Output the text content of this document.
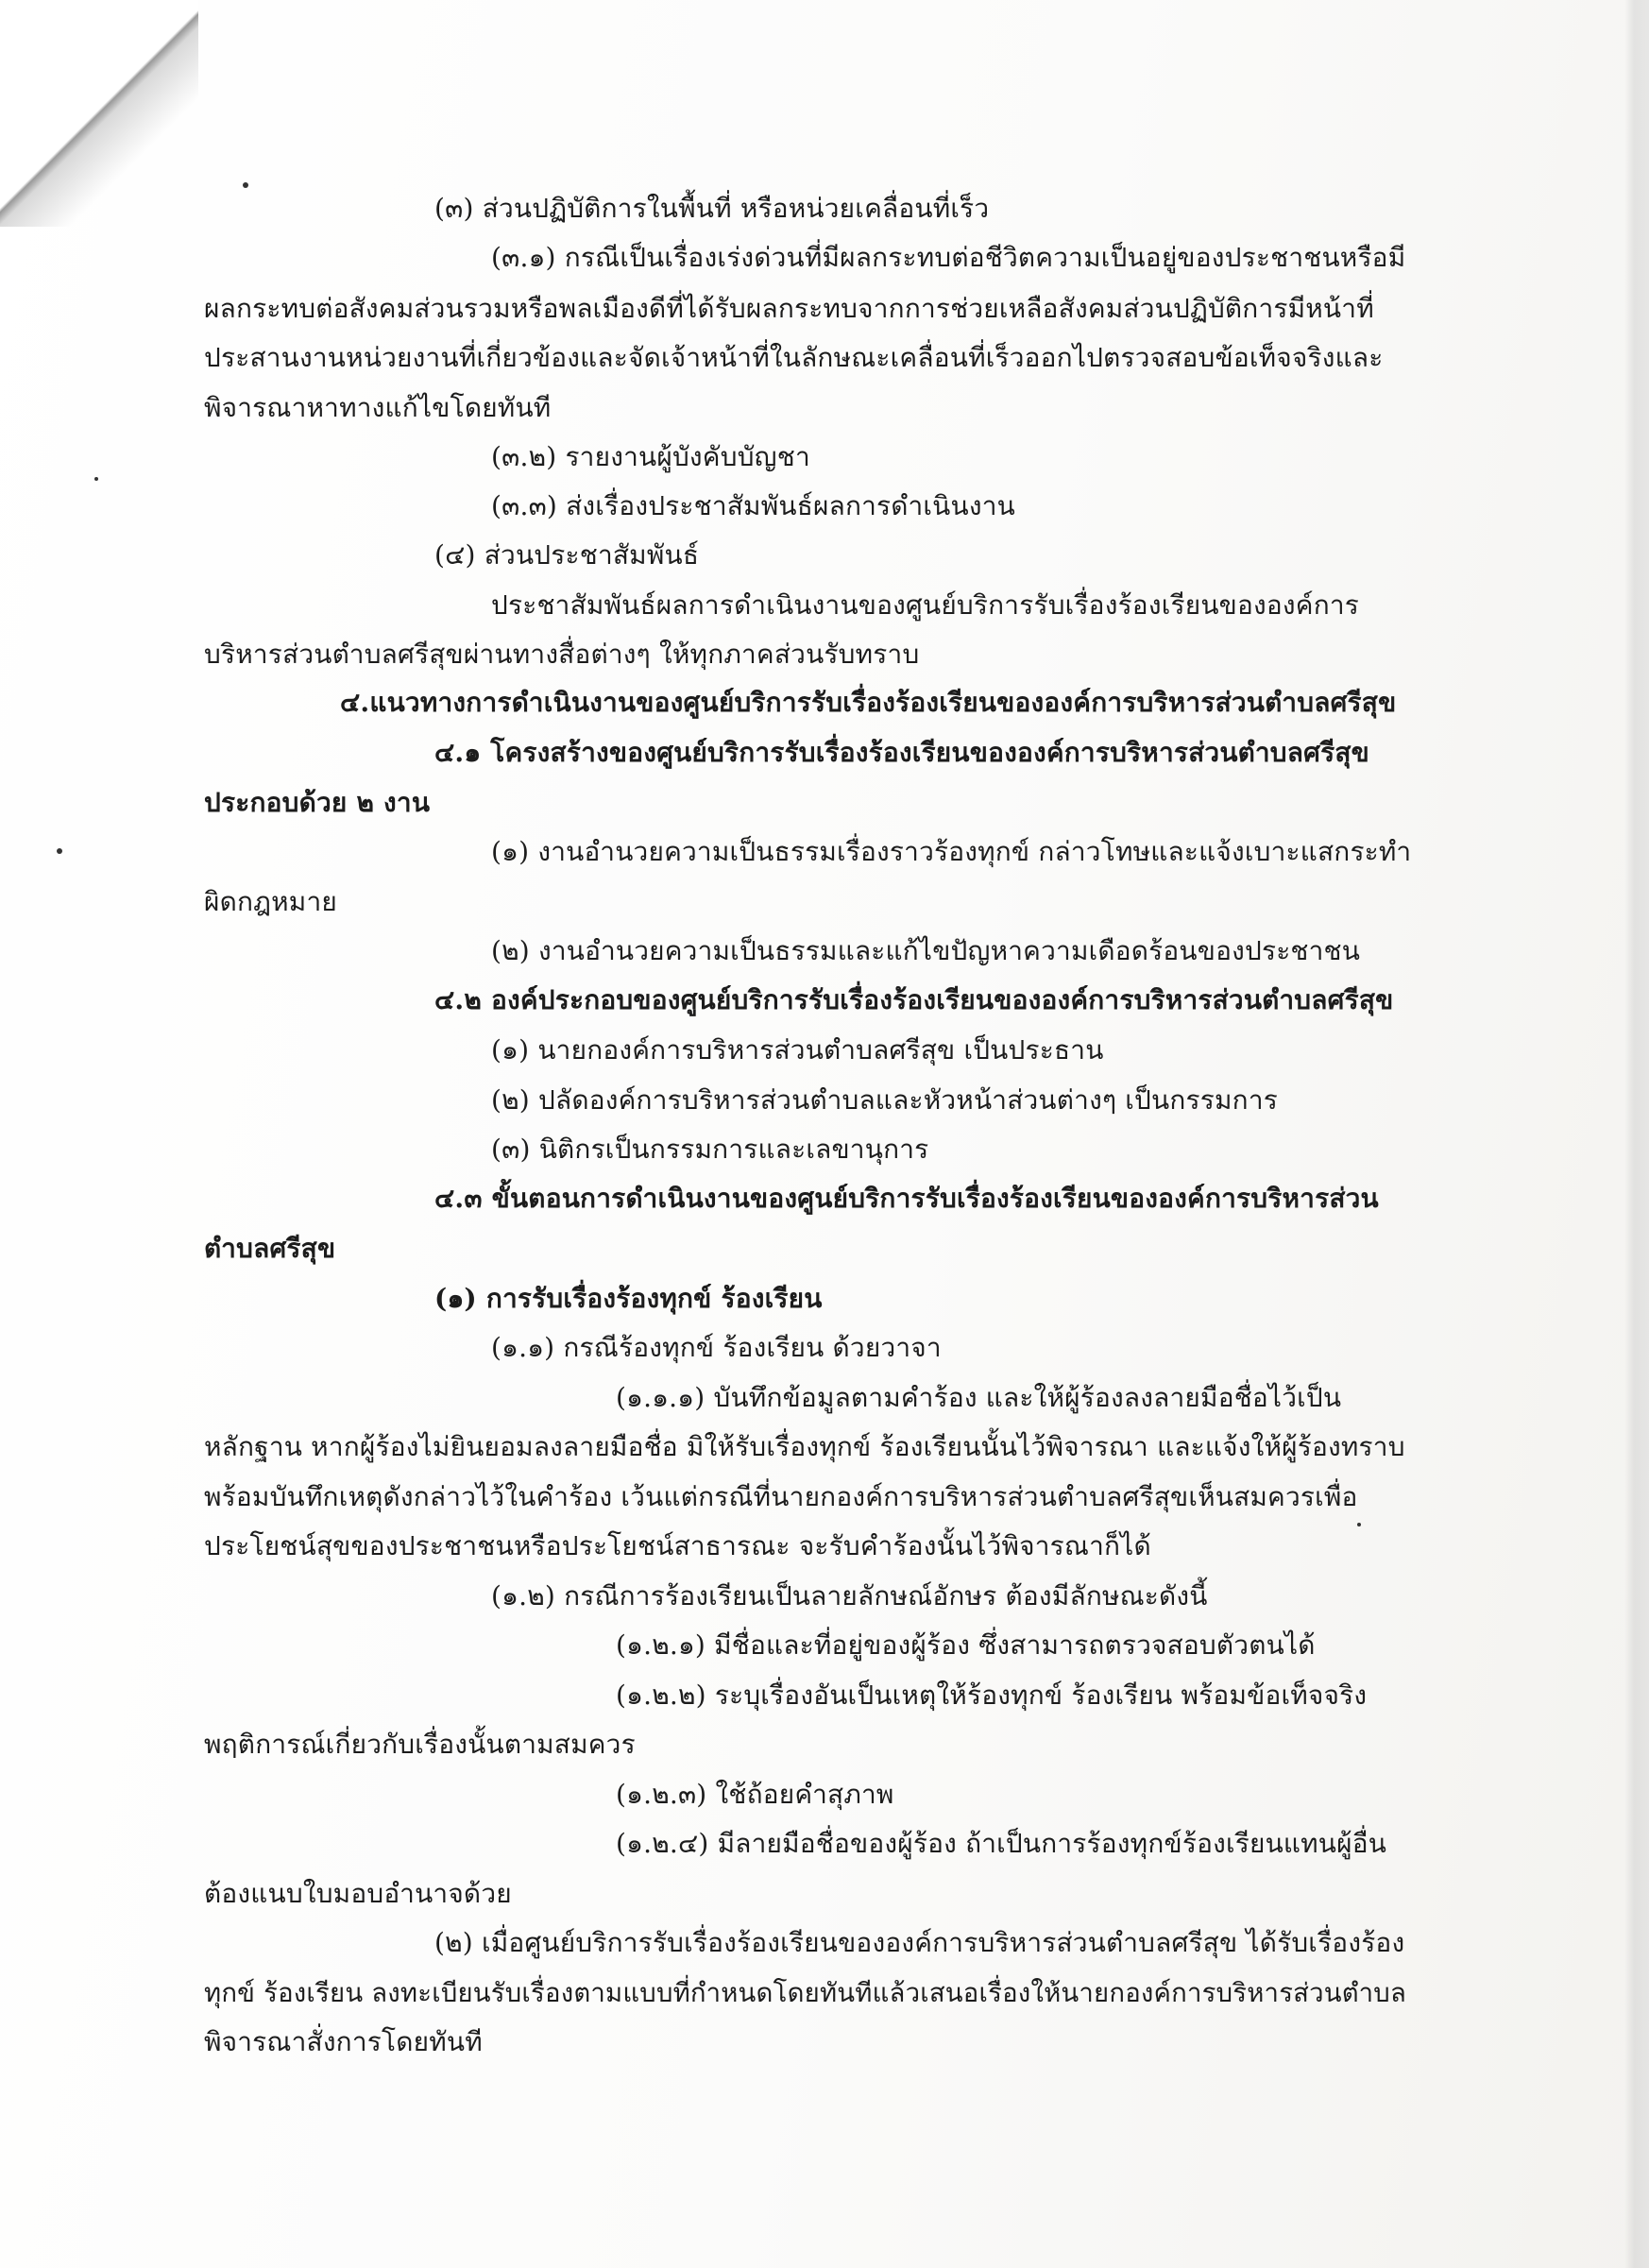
(๓) ส่วนปฏิบัติการในพื้นที่ หรือหน่วยเคลื่อนที่เร็ว
(๓.๑) กรณีเป็นเรื่องเร่งด่วนที่มีผลกระทบต่อชีวิตความเป็นอยู่ของประชาชนหรือมี
ผลกระทบต่อสังคมส่วนรวมหรือพลเมืองดีที่ได้รับผลกระทบจากการช่วยเหลือสังคมส่วนปฏิบัติการมีหน้าที่
ประสานงานหน่วยงานที่เกี่ยวข้องและจัดเจ้าหน้าที่ในลักษณะเคลื่อนที่เร็วออกไปตรวจสอบข้อเท็จจริงและ
พิจารณาหาทางแก้ไขโดยทันที
(๓.๒) รายงานผู้บังคับบัญชา
(๓.๓) ส่งเรื่องประชาสัมพันธ์ผลการดำเนินงาน
(๔) ส่วนประชาสัมพันธ์
ประชาสัมพันธ์ผลการดำเนินงานของศูนย์บริการรับเรื่องร้องเรียนขององค์การ
บริหารส่วนตำบลศรีสุขผ่านทางสื่อต่างๆ ให้ทุกภาคส่วนรับทราบ
๔.แนวทางการดำเนินงานของศูนย์บริการรับเรื่องร้องเรียนขององค์การบริหารส่วนตำบลศรีสุข
๔.๑ โครงสร้างของศูนย์บริการรับเรื่องร้องเรียนขององค์การบริหารส่วนตำบลศรีสุข
ประกอบด้วย ๒ งาน
(๑) งานอำนวยความเป็นธรรมเรื่องราวร้องทุกข์ กล่าวโทษและแจ้งเบาะแสกระทำ
ผิดกฎหมาย
(๒) งานอำนวยความเป็นธรรมและแก้ไขปัญหาความเดือดร้อนของประชาชน
๔.๒ องค์ประกอบของศูนย์บริการรับเรื่องร้องเรียนขององค์การบริหารส่วนตำบลศรีสุข
(๑) นายกองค์การบริหารส่วนตำบลศรีสุข เป็นประธาน
(๒) ปลัดองค์การบริหารส่วนตำบลและหัวหน้าส่วนต่างๆ เป็นกรรมการ
(๓) นิติกรเป็นกรรมการและเลขานุการ
๔.๓ ขั้นตอนการดำเนินงานของศูนย์บริการรับเรื่องร้องเรียนขององค์การบริหารส่วน
ตำบลศรีสุข
(๑) การรับเรื่องร้องทุกข์ ร้องเรียน
(๑.๑) กรณีร้องทุกข์ ร้องเรียน ด้วยวาจา
(๑.๑.๑) บันทึกข้อมูลตามคำร้อง และให้ผู้ร้องลงลายมือชื่อไว้เป็น
หลักฐาน หากผู้ร้องไม่ยินยอมลงลายมือชื่อ มิให้รับเรื่องทุกข์ ร้องเรียนนั้นไว้พิจารณา และแจ้งให้ผู้ร้องทราบ
พร้อมบันทึกเหตุดังกล่าวไว้ในคำร้อง เว้นแต่กรณีที่นายกองค์การบริหารส่วนตำบลศรีสุขเห็นสมควรเพื่อ
ประโยชน์สุขของประชาชนหรือประโยชน์สาธารณะ จะรับคำร้องนั้นไว้พิจารณาก็ได้
(๑.๒) กรณีการร้องเรียนเป็นลายลักษณ์อักษร ต้องมีลักษณะดังนี้
(๑.๒.๑) มีชื่อและที่อยู่ของผู้ร้อง ซึ่งสามารถตรวจสอบตัวตนได้
(๑.๒.๒) ระบุเรื่องอันเป็นเหตุให้ร้องทุกข์ ร้องเรียน พร้อมข้อเท็จจริง
พฤติการณ์เกี่ยวกับเรื่องนั้นตามสมควร
(๑.๒.๓) ใช้ถ้อยคำสุภาพ
(๑.๒.๔) มีลายมือชื่อของผู้ร้อง ถ้าเป็นการร้องทุกข์ร้องเรียนแทนผู้อื่น
ต้องแนบใบมอบอำนาจด้วย
(๒) เมื่อศูนย์บริการรับเรื่องร้องเรียนขององค์การบริหารส่วนตำบลศรีสุข ได้รับเรื่องร้อง
ทุกข์ ร้องเรียน ลงทะเบียนรับเรื่องตามแบบที่กำหนดโดยทันทีแล้วเสนอเรื่องให้นายกองค์การบริหารส่วนตำบล
พิจารณาสั่งการโดยทันที
